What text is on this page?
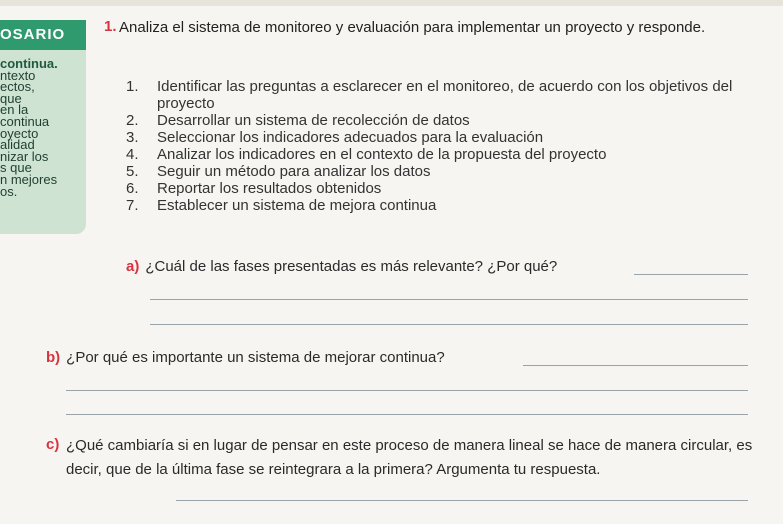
OSARIO
continua.
ntexto
ectos,
que
en la
continua
oyecto
alidad
nizar los
s que
n mejores
os.
1. Analiza el sistema de monitoreo y evaluación para implementar un proyecto y responde.
1.	Identificar las preguntas a esclarecer en el monitoreo, de acuerdo con los objetivos del proyecto
2.	Desarrollar un sistema de recolección de datos
3.	Seleccionar los indicadores adecuados para la evaluación
4.	Analizar los indicadores en el contexto de la propuesta del proyecto
5.	Seguir un método para analizar los datos
6.	Reportar los resultados obtenidos
7.	Establecer un sistema de mejora continua
a) ¿Cuál de las fases presentadas es más relevante? ¿Por qué?
b) ¿Por qué es importante un sistema de mejorar continua?
c) ¿Qué cambiaría si en lugar de pensar en este proceso de manera lineal se hace de manera circular, es decir, que de la última fase se reintegrara a la primera? Argumenta tu respuesta.
